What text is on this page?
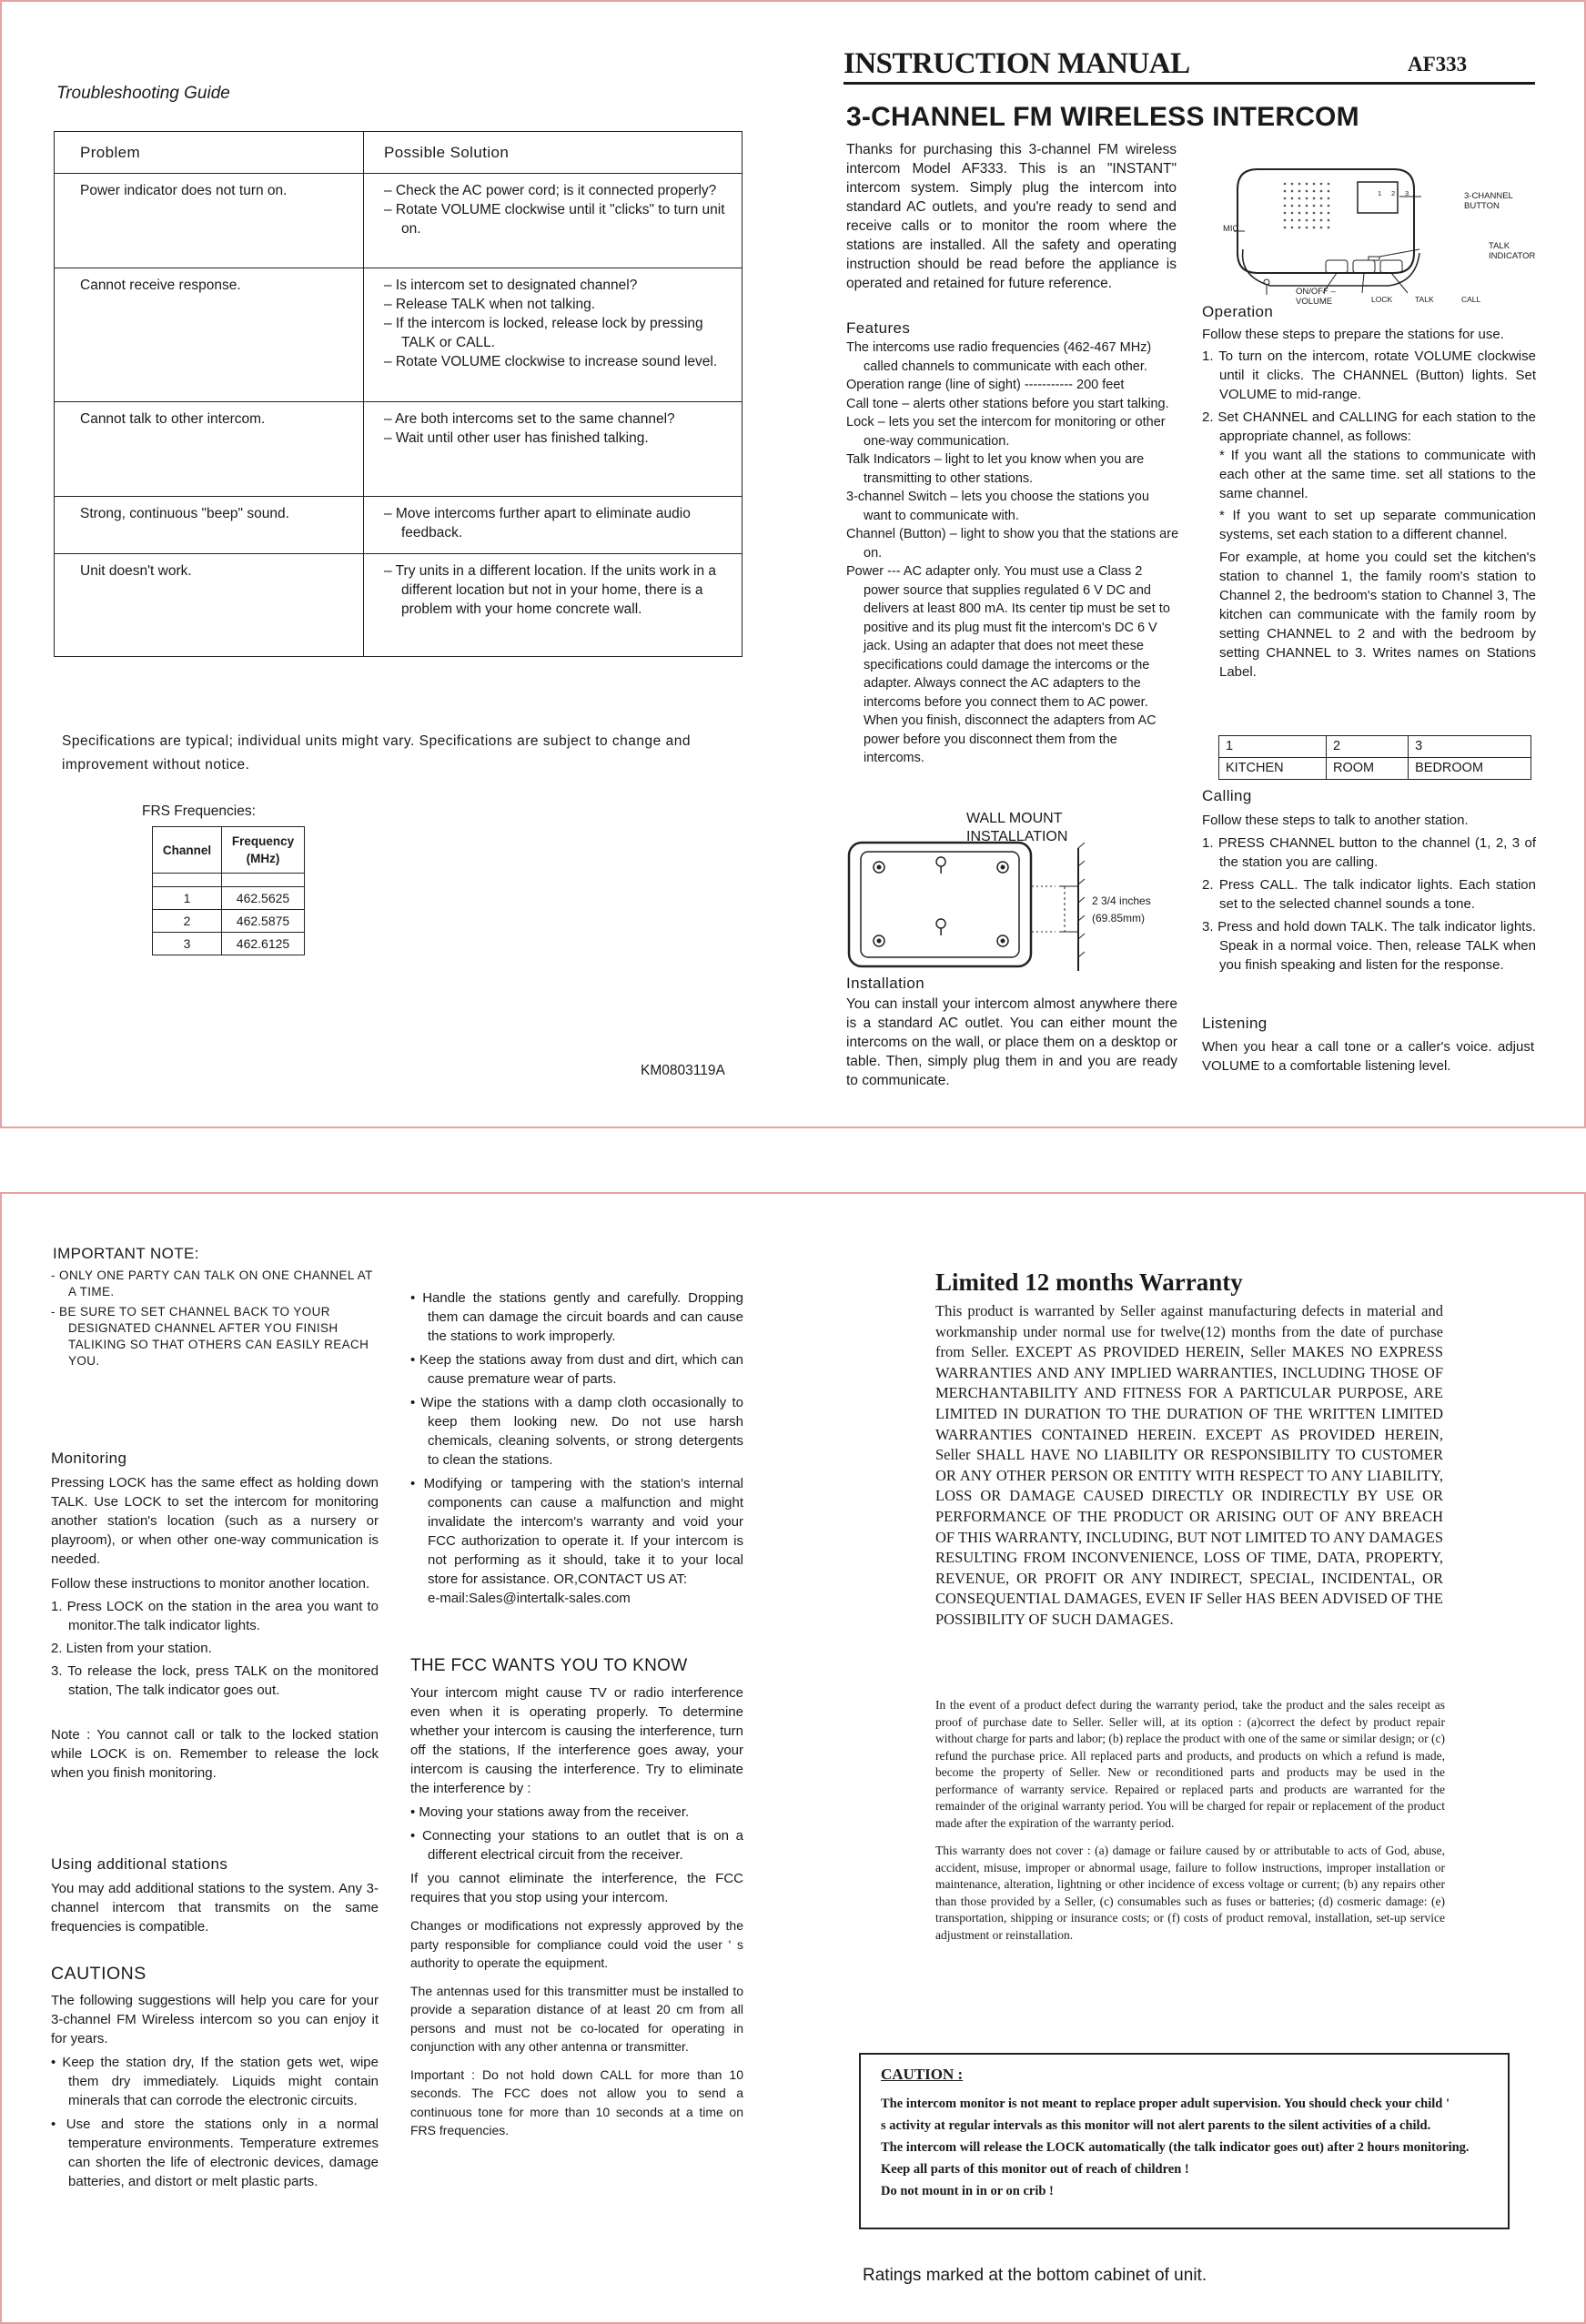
Troubleshooting Guide
Problem	Possible Solution
Power indicator does not turn on.	– Check the AC power cord; is it connected properly?
– Rotate VOLUME clockwise until it "clicks" to turn unit on.
Cannot receive response.	– Is intercom set to designated channel?
– Release TALK when not talking.
– If the intercom is locked, release lock by pressing TALK or CALL.
– Rotate VOLUME clockwise to increase sound level.
Cannot talk to other intercom.	– Are both intercoms set to the same channel?
– Wait until other user has finished talking.
Strong, continuous "beep" sound.	– Move intercoms further apart to eliminate audio feedback.
Unit doesn't work.	– Try units in a different location. If the units work in a different location but not in your home, there is a problem with your home concrete wall.
Specifications are typical; individual units might vary. Specifications are subject to change and improvement without notice.
FRS Frequencies:
Channel	Frequency (MHz)

1	462.5625
2	462.5875
3	462.6125
KM0803119A
INSTRUCTION MANUAL	AF333
3-CHANNEL FM WIRELESS INTERCOM
Thanks for purchasing this 3-channel FM wireless intercom Model AF333. This is an "INSTANT" intercom system. Simply plug the intercom into standard AC outlets, and you're ready to send and receive calls or to monitor the room where the stations are installed. All the safety and operating instruction should be read before the appliance is operated and retained for future reference.
Features
The intercoms use radio frequencies (462-467 MHz) called channels to communicate with each other.
Operation range (line of sight) ----------- 200 feet
Call tone – alerts other stations before you start talking.
Lock – lets you set the intercom for monitoring or other one-way communication.
Talk Indicators – light to let you know when you are transmitting to other stations.
3-channel Switch – lets you choose the stations you want to communicate with.
Channel (Button) – light to show you that the stations are on.
Power --- AC adapter only. You must use a Class 2 power source that supplies regulated 6 V DC and delivers at least 800 mA. Its center tip must be set to positive and its plug must fit the intercom's DC 6 V jack. Using an adapter that does not meet these specifications could damage the intercoms or the adapter. Always connect the AC adapters to the intercoms before you connect them to AC power. When you finish, disconnect the adapters from AC power before you disconnect them from the intercoms.
WALL MOUNT
INSTALLATION
2 3/4 inches
(69.85mm)
Installation
You can install your intercom almost anywhere there is a standard AC outlet. You can either mount the intercoms on the wall, or place them on a desktop or table. Then, simply plug them in and you are ready to communicate.
MIC
3-CHANNEL BUTTON
TALK INDICATOR
ON/OFF – VOLUME	LOCK	TALK	CALL
1 2 3
Operation
Follow these steps to prepare the stations for use.
1. To turn on the intercom, rotate VOLUME clockwise until it clicks. The CHANNEL (Button) lights. Set VOLUME to mid-range.
2. Set CHANNEL and CALLING for each station to the appropriate channel, as follows:
* If you want all the stations to communicate with each other at the same time. set all stations to the same channel.
* If you want to set up separate communication systems, set each station to a different channel.
For example, at home you could set the kitchen's station to channel 1, the family room's station to Channel 2, the bedroom's station to Channel 3, The kitchen can communicate with the family room by setting CHANNEL to 2 and with the bedroom by setting CHANNEL to 3. Writes names on Stations Label.
1	2	3
KITCHEN	ROOM	BEDROOM
Calling
Follow these steps to talk to another station.
1. PRESS CHANNEL button to the channel (1, 2, 3 of the station you are calling.
2. Press CALL. The talk indicator lights. Each station set to the selected channel sounds a tone.
3. Press and hold down TALK. The talk indicator lights. Speak in a normal voice. Then, release TALK when you finish speaking and listen for the response.
Listening
When you hear a call tone or a caller's voice. adjust VOLUME to a comfortable listening level.
IMPORTANT NOTE:
- ONLY ONE PARTY CAN TALK ON ONE CHANNEL AT A TIME.
- BE SURE TO SET CHANNEL BACK TO YOUR DESIGNATED CHANNEL AFTER YOU FINISH TALIKING SO THAT OTHERS CAN EASILY REACH YOU.
Monitoring
Pressing LOCK has the same effect as holding down TALK. Use LOCK to set the intercom for monitoring another station's location (such as a nursery or playroom), or when other one-way communication is needed.
Follow these instructions to monitor another location.
1. Press LOCK on the station in the area you want to monitor.The talk indicator lights.
2. Listen from your station.
3. To release the lock, press TALK on the monitored station, The talk indicator goes out.
Note : You cannot call or talk to the locked station while LOCK is on. Remember to release the lock when you finish monitoring.
Using additional stations
You may add additional stations to the system. Any 3-channel intercom that transmits on the same frequencies is compatible.
CAUTIONS
The following suggestions will help you care for your 3-channel FM Wireless intercom so you can enjoy it for years.
• Keep the station dry, If the station gets wet, wipe them dry immediately. Liquids might contain minerals that can corrode the electronic circuits.
• Use and store the stations only in a normal temperature environments. Temperature extremes can shorten the life of electronic devices, damage batteries, and distort or melt plastic parts.
• Handle the stations gently and carefully. Dropping them can damage the circuit boards and can cause the stations to work improperly.
• Keep the stations away from dust and dirt, which can cause premature wear of parts.
• Wipe the stations with a damp cloth occasionally to keep them looking new. Do not use harsh chemicals, cleaning solvents, or strong detergents to clean the stations.
• Modifying or tampering with the station's internal components can cause a malfunction and might invalidate the intercom's warranty and void your FCC authorization to operate it. If your intercom is not performing as it should, take it to your local store for assistance. OR,CONTACT US AT:
e-mail:Sales@intertalk-sales.com
THE FCC WANTS YOU TO KNOW
Your intercom might cause TV or radio interference even when it is operating properly. To determine whether your intercom is causing the interference, turn off the stations, If the interference goes away, your intercom is causing the interference. Try to eliminate the interference by :
• Moving your stations away from the receiver.
• Connecting your stations to an outlet that is on a different electrical circuit from the receiver.
If you cannot eliminate the interference, the FCC requires that you stop using your intercom.
Changes or modifications not expressly approved by the party responsible for compliance could void the user ' s authority to operate the equipment.
The antennas used for this transmitter must be installed to provide a separation distance of at least 20 cm from all persons and must not be co-located for operating in conjunction with any other antenna or transmitter.
Important : Do not hold down CALL for more than 10 seconds. The FCC does not allow you to send a continuous tone for more than 10 seconds at a time on FRS frequencies.
Limited 12 months Warranty
This product is warranted by Seller against manufacturing defects in material and workmanship under normal use for twelve(12) months from the date of purchase from Seller. EXCEPT AS PROVIDED HEREIN, Seller MAKES NO EXPRESS WARRANTIES AND ANY IMPLIED WARRANTIES, INCLUDING THOSE OF MERCHANTABILITY AND FITNESS FOR A PARTICULAR PURPOSE, ARE LIMITED IN DURATION TO THE DURATION OF THE WRITTEN LIMITED WARRANTIES CONTAINED HEREIN. EXCEPT AS PROVIDED HEREIN, Seller SHALL HAVE NO LIABILITY OR RESPONSIBILITY TO CUSTOMER OR ANY OTHER PERSON OR ENTITY WITH RESPECT TO ANY LIABILITY, LOSS OR DAMAGE CAUSED DIRECTLY OR INDIRECTLY BY USE OR PERFORMANCE OF THE PRODUCT OR ARISING OUT OF ANY BREACH OF THIS WARRANTY, INCLUDING, BUT NOT LIMITED TO ANY DAMAGES RESULTING FROM INCONVENIENCE, LOSS OF TIME, DATA, PROPERTY, REVENUE, OR PROFIT OR ANY INDIRECT, SPECIAL, INCIDENTAL, OR CONSEQUENTIAL DAMAGES, EVEN IF Seller HAS BEEN ADVISED OF THE POSSIBILITY OF SUCH DAMAGES.
In the event of a product defect during the warranty period, take the product and the sales receipt as proof of purchase date to Seller. Seller will, at its option : (a)correct the defect by product repair without charge for parts and labor; (b) replace the product with one of the same or similar design; or (c) refund the purchase price. All replaced parts and products, and products on which a refund is made, become the property of Seller. New or reconditioned parts and products may be used in the performance of warranty service. Repaired or replaced parts and products are warranted for the remainder of the original warranty period. You will be charged for repair or replacement of the product made after the expiration of the warranty period.
This warranty does not cover : (a) damage or failure caused by or attributable to acts of God, abuse, accident, misuse, improper or abnormal usage, failure to follow instructions, improper installation or maintenance, alteration, lightning or other incidence of excess voltage or current; (b) any repairs other than those provided by a Seller, (c) consumables such as fuses or batteries; (d) cosmeric damage: (e) transportation, shipping or insurance costs; or (f) costs of product removal, installation, set-up service adjustment or reinstallation.
CAUTION :
The intercom monitor is not meant to replace proper adult supervision. You should check your child '
s activity at regular intervals as this monitor will not alert parents to the silent activities of a child.
The intercom will release the LOCK automatically (the talk indicator goes out) after 2 hours monitoring.
Keep all parts of this monitor out of reach of children !
Do not mount in in or on crib !
Ratings marked at the bottom cabinet of unit.
